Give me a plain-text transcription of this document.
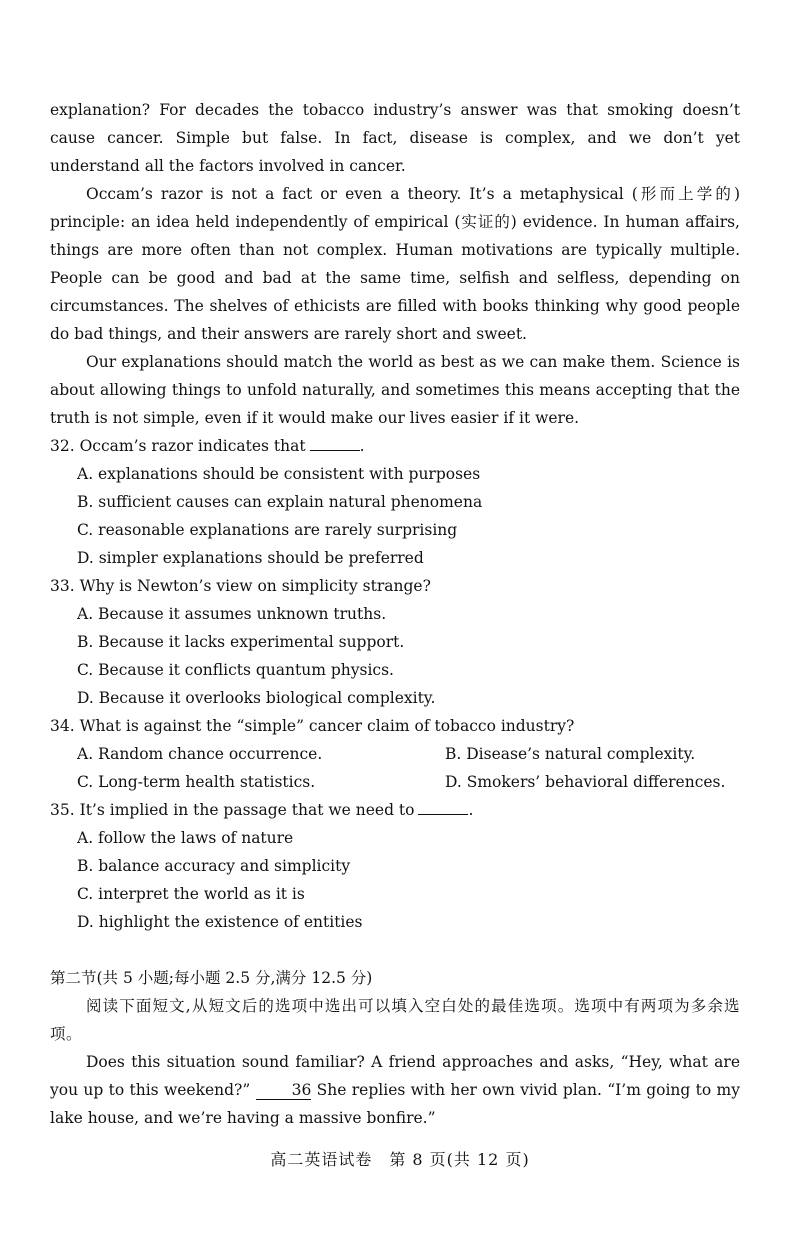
explanation? For decades the tobacco industry’s answer was that smoking doesn’t cause cancer. Simple but false. In fact, disease is complex, and we don’t yet understand all the factors involved in cancer.

Occam’s razor is not a fact or even a theory. It’s a metaphysical (形而上学的) principle: an idea held independently of empirical (实证的) evidence. In human affairs, things are more often than not complex. Human motivations are typically multiple. People can be good and bad at the same time, selfish and selfless, depending on circumstances. The shelves of ethicists are filled with books thinking why good people do bad things, and their answers are rarely short and sweet.

Our explanations should match the world as best as we can make them. Science is about allowing things to unfold naturally, and sometimes this means accepting that the truth is not simple, even if it would make our lives easier if it were.

32. Occam’s razor indicates that	.

A. explanations should be consistent with purposes

B. sufficient causes can explain natural phenomena

C. reasonable explanations are rarely surprising

D. simpler explanations should be preferred

33. Why is Newton’s view on simplicity strange?

A. Because it assumes unknown truths.

B. Because it lacks experimental support.

C. Because it conflicts quantum physics.

D. Because it overlooks biological complexity.

34. What is against the “simple” cancer claim of tobacco industry?

A. Random chance occurrence.	B. Disease’s natural complexity.

C. Long-term health statistics.	D. Smokers’ behavioral differences.

35. It’s implied in the passage that we need to	.

A. follow the laws of nature

B. balance accuracy and simplicity

C. interpret the world as it is

D. highlight the existence of entities

第二节(共 5 小题;每小题 2.5 分,满分 12.5 分)

阅读下面短文,从短文后的选项中选出可以填入空白处的最佳选项。选项中有两项为多余选项。

Does this situation sound familiar? A friend approaches and asks, “Hey, what are you up to this weekend?”	36 She replies with her own vivid plan. “I’m going to my lake house, and we’re having a massive bonfire.”

高二英语试卷　第 8 页(共 12 页)
